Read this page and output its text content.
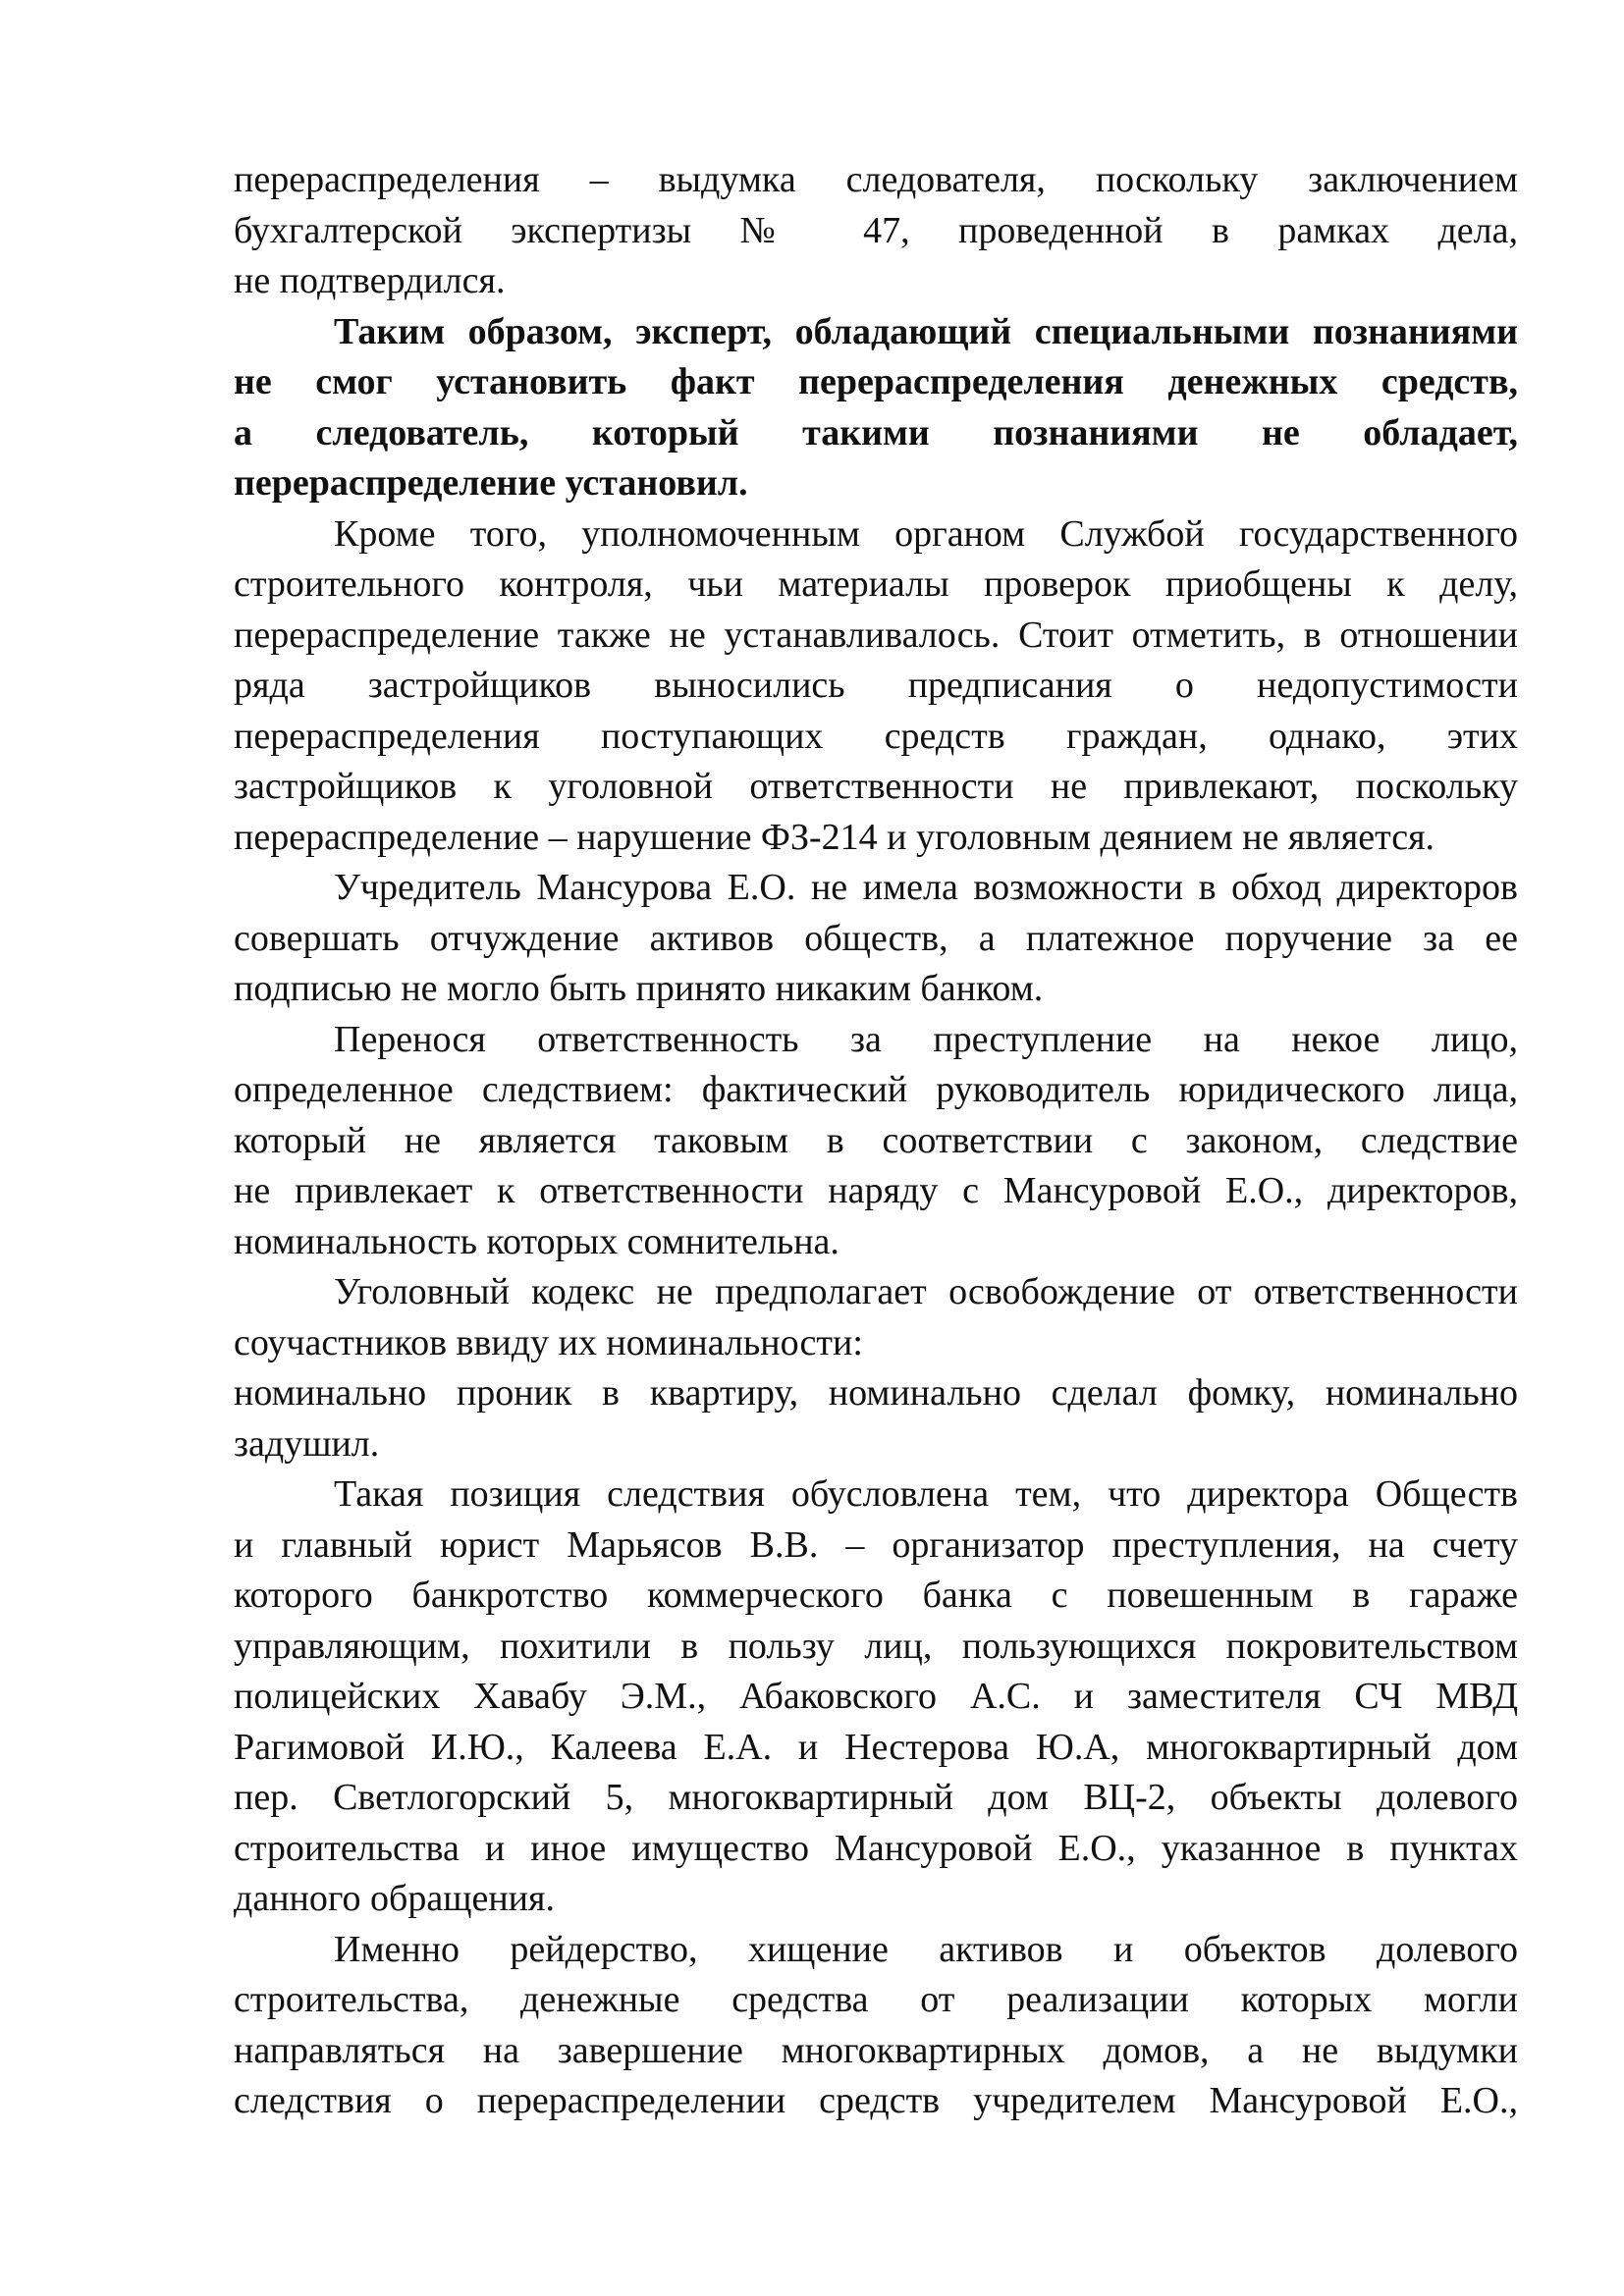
перераспределения – выдумка следователя, поскольку заключением
бухгалтерской экспертизы № 47, проведенной в рамках дела,
не подтвердился.
Таким образом, эксперт, обладающий специальными познаниями
не смог установить факт перераспределения денежных средств,
а следователь, который такими познаниями не обладает,
перераспределение установил.
Кроме того, уполномоченным органом Службой государственного
строительного контроля, чьи материалы проверок приобщены к делу,
перераспределение также не устанавливалось. Стоит отметить, в отношении
ряда застройщиков выносились предписания о недопустимости
перераспределения поступающих средств граждан, однако, этих
застройщиков к уголовной ответственности не привлекают, поскольку
перераспределение – нарушение ФЗ-214 и уголовным деянием не является.
Учредитель Мансурова Е.О. не имела возможности в обход директоров
совершать отчуждение активов обществ, а платежное поручение за ее
подписью не могло быть принято никаким банком.
Перенося ответственность за преступление на некое лицо,
определенное следствием: фактический руководитель юридического лица,
который не является таковым в соответствии с законом, следствие
не привлекает к ответственности наряду с Мансуровой Е.О., директоров,
номинальность которых сомнительна.
Уголовный кодекс не предполагает освобождение от ответственности
соучастников ввиду их номинальности:
номинально проник в квартиру, номинально сделал фомку, номинально
задушил.
Такая позиция следствия обусловлена тем, что директора Обществ
и главный юрист Марьясов В.В. – организатор преступления, на счету
которого банкротство коммерческого банка с повешенным в гараже
управляющим, похитили в пользу лиц, пользующихся покровительством
полицейских Хавабу Э.М., Абаковского А.С. и заместителя СЧ МВД
Рагимовой И.Ю., Калеева Е.А. и Нестерова Ю.А, многоквартирный дом
пер. Светлогорский 5, многоквартирный дом ВЦ-2, объекты долевого
строительства и иное имущество Мансуровой Е.О., указанное в пунктах
данного обращения.
Именно рейдерство, хищение активов и объектов долевого
строительства, денежные средства от реализации которых могли
направляться на завершение многоквартирных домов, а не выдумки
следствия о перераспределении средств учредителем Мансуровой Е.О.,
